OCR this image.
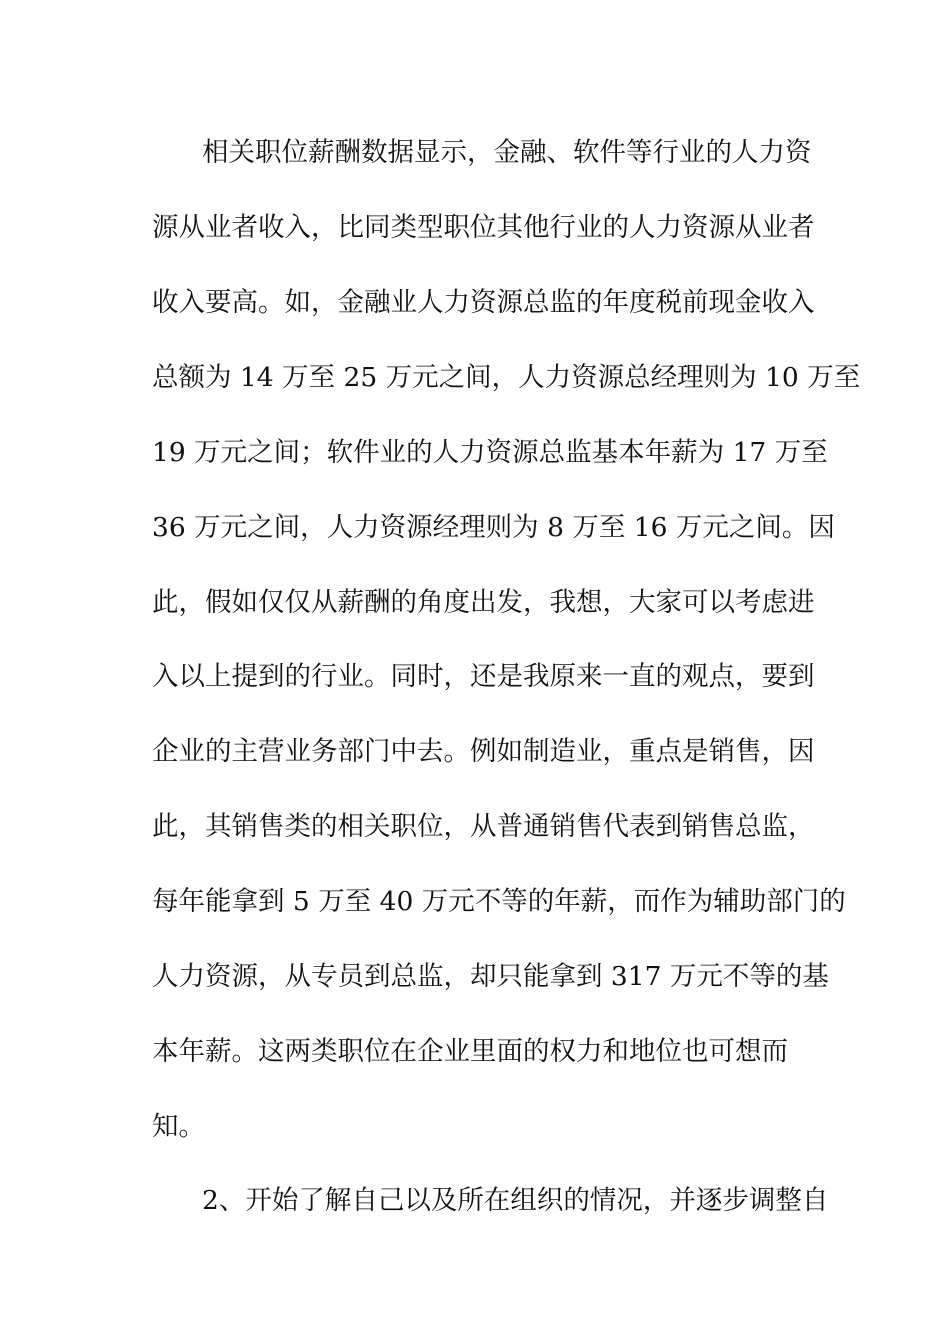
相关职位薪酬数据显示，金融、软件等行业的人力资
源从业者收入，比同类型职位其他行业的人力资源从业者
收入要高。如，金融业人力资源总监的年度税前现金收入
总额为 14 万至 25 万元之间，人力资源总经理则为 10 万至
19 万元之间；软件业的人力资源总监基本年薪为 17 万至
36 万元之间，人力资源经理则为 8 万至 16 万元之间。因
此，假如仅仅从薪酬的角度出发，我想，大家可以考虑进
入以上提到的行业。同时，还是我原来一直的观点，要到
企业的主营业务部门中去。例如制造业，重点是销售，因
此，其销售类的相关职位，从普通销售代表到销售总监，
每年能拿到 5 万至 40 万元不等的年薪，而作为辅助部门的
人力资源，从专员到总监，却只能拿到 317 万元不等的基
本年薪。这两类职位在企业里面的权力和地位也可想而
知。
2、开始了解自己以及所在组织的情况，并逐步调整自
